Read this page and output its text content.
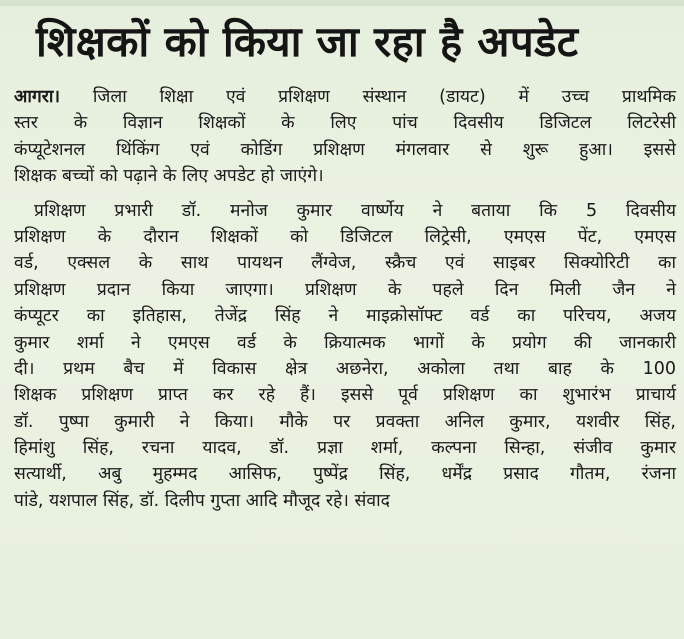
शिक्षकों को किया जा रहा है अपडेट
आगरा। जिला शिक्षा एवं प्रशिक्षण संस्थान (डायट) में उच्च प्राथमिक
स्तर के विज्ञान शिक्षकों के लिए पांच दिवसीय डिजिटल लिटरेसी
कंप्यूटेशनल थिंकिंग एवं कोडिंग प्रशिक्षण मंगलवार से शुरू हुआ। इससे
शिक्षक बच्चों को पढ़ाने के लिए अपडेट हो जाएंगे।
प्रशिक्षण प्रभारी डॉ. मनोज कुमार वार्ष्णेय ने बताया कि 5 दिवसीय
प्रशिक्षण के दौरान शिक्षकों को डिजिटल लिट्रेसी, एमएस पेंट, एमएस
वर्ड, एक्सल के साथ पायथन लैंग्वेज, स्क्रैच एवं साइबर सिक्योरिटी का
प्रशिक्षण प्रदान किया जाएगा। प्रशिक्षण के पहले दिन मिली जैन ने
कंप्यूटर का इतिहास, तेजेंद्र सिंह ने माइक्रोसॉफ्ट वर्ड का परिचय, अजय
कुमार शर्मा ने एमएस वर्ड के क्रियात्मक भागों के प्रयोग की जानकारी
दी। प्रथम बैच में विकास क्षेत्र अछनेरा, अकोला तथा बाह के 100
शिक्षक प्रशिक्षण प्राप्त कर रहे हैं। इससे पूर्व प्रशिक्षण का शुभारंभ प्राचार्य
डॉ. पुष्पा कुमारी ने किया। मौके पर प्रवक्ता अनिल कुमार, यशवीर सिंह,
हिमांशु सिंह, रचना यादव, डॉ. प्रज्ञा शर्मा, कल्पना सिन्हा, संजीव कुमार
सत्यार्थी, अबु मुहम्मद आसिफ, पुष्पेंद्र सिंह, धर्मेंद्र प्रसाद गौतम, रंजना
पांडे, यशपाल सिंह, डॉ. दिलीप गुप्ता आदि मौजूद रहे। संवाद
